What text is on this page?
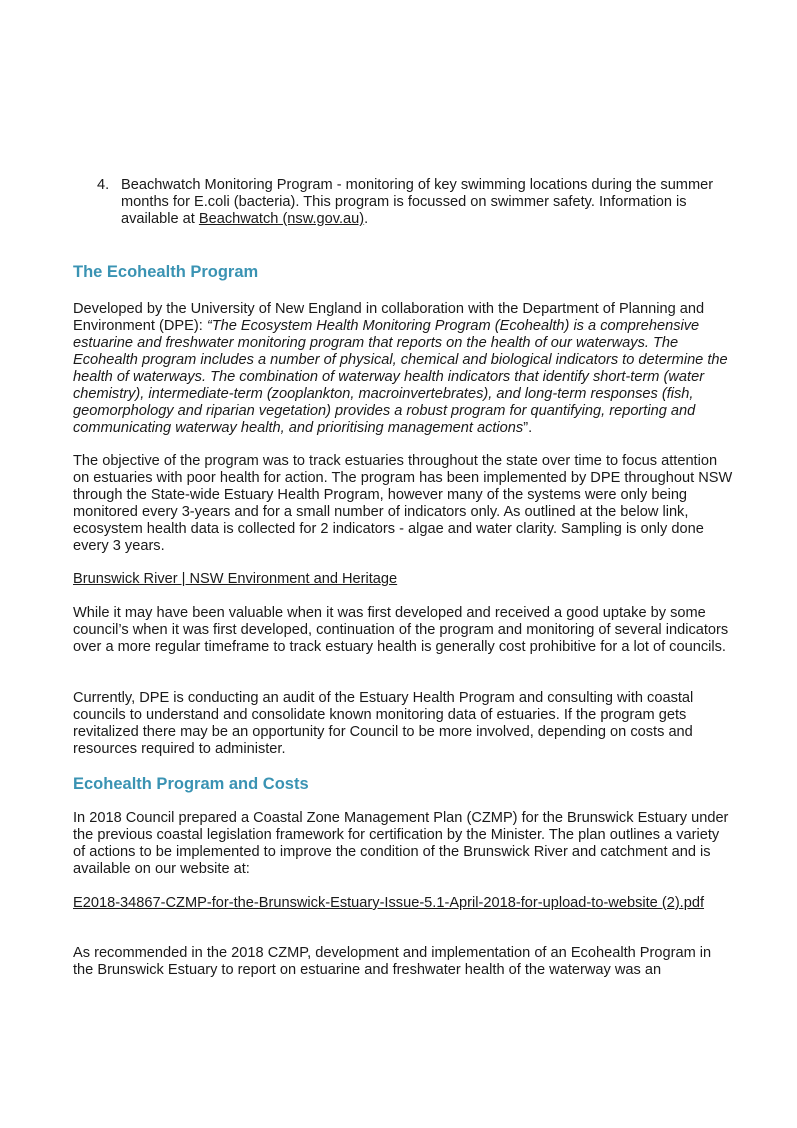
4. Beachwatch Monitoring Program - monitoring of key swimming locations during the summer months for E.coli (bacteria). This program is focussed on swimmer safety. Information is available at Beachwatch (nsw.gov.au).
The Ecohealth Program
Developed by the University of New England in collaboration with the Department of Planning and Environment (DPE): “The Ecosystem Health Monitoring Program (Ecohealth) is a comprehensive estuarine and freshwater monitoring program that reports on the health of our waterways. The Ecohealth program includes a number of physical, chemical and biological indicators to determine the health of waterways. The combination of waterway health indicators that identify short-term (water chemistry), intermediate-term (zooplankton, macroinvertebrates), and long-term responses (fish, geomorphology and riparian vegetation) provides a robust program for quantifying, reporting and communicating waterway health, and prioritising management actions”.
The objective of the program was to track estuaries throughout the state over time to focus attention on estuaries with poor health for action. The program has been implemented by DPE throughout NSW through the State-wide Estuary Health Program, however many of the systems were only being monitored every 3-years and for a small number of indicators only. As outlined at the below link, ecosystem health data is collected for 2 indicators - algae and water clarity. Sampling is only done every 3 years.
Brunswick River | NSW Environment and Heritage
While it may have been valuable when it was first developed and received a good uptake by some council’s when it was first developed, continuation of the program and monitoring of several indicators over a more regular timeframe to track estuary health is generally cost prohibitive for a lot of councils.
Currently, DPE is conducting an audit of the Estuary Health Program and consulting with coastal councils to understand and consolidate known monitoring data of estuaries. If the program gets revitalized there may be an opportunity for Council to be more involved, depending on costs and resources required to administer.
Ecohealth Program and Costs
In 2018 Council prepared a Coastal Zone Management Plan (CZMP) for the Brunswick Estuary under the previous coastal legislation framework for certification by the Minister. The plan outlines a variety of actions to be implemented to improve the condition of the Brunswick River and catchment and is available on our website at:
E2018-34867-CZMP-for-the-Brunswick-Estuary-Issue-5.1-April-2018-for-upload-to-website (2).pdf
As recommended in the 2018 CZMP, development and implementation of an Ecohealth Program in the Brunswick Estuary to report on estuarine and freshwater health of the waterway was an
